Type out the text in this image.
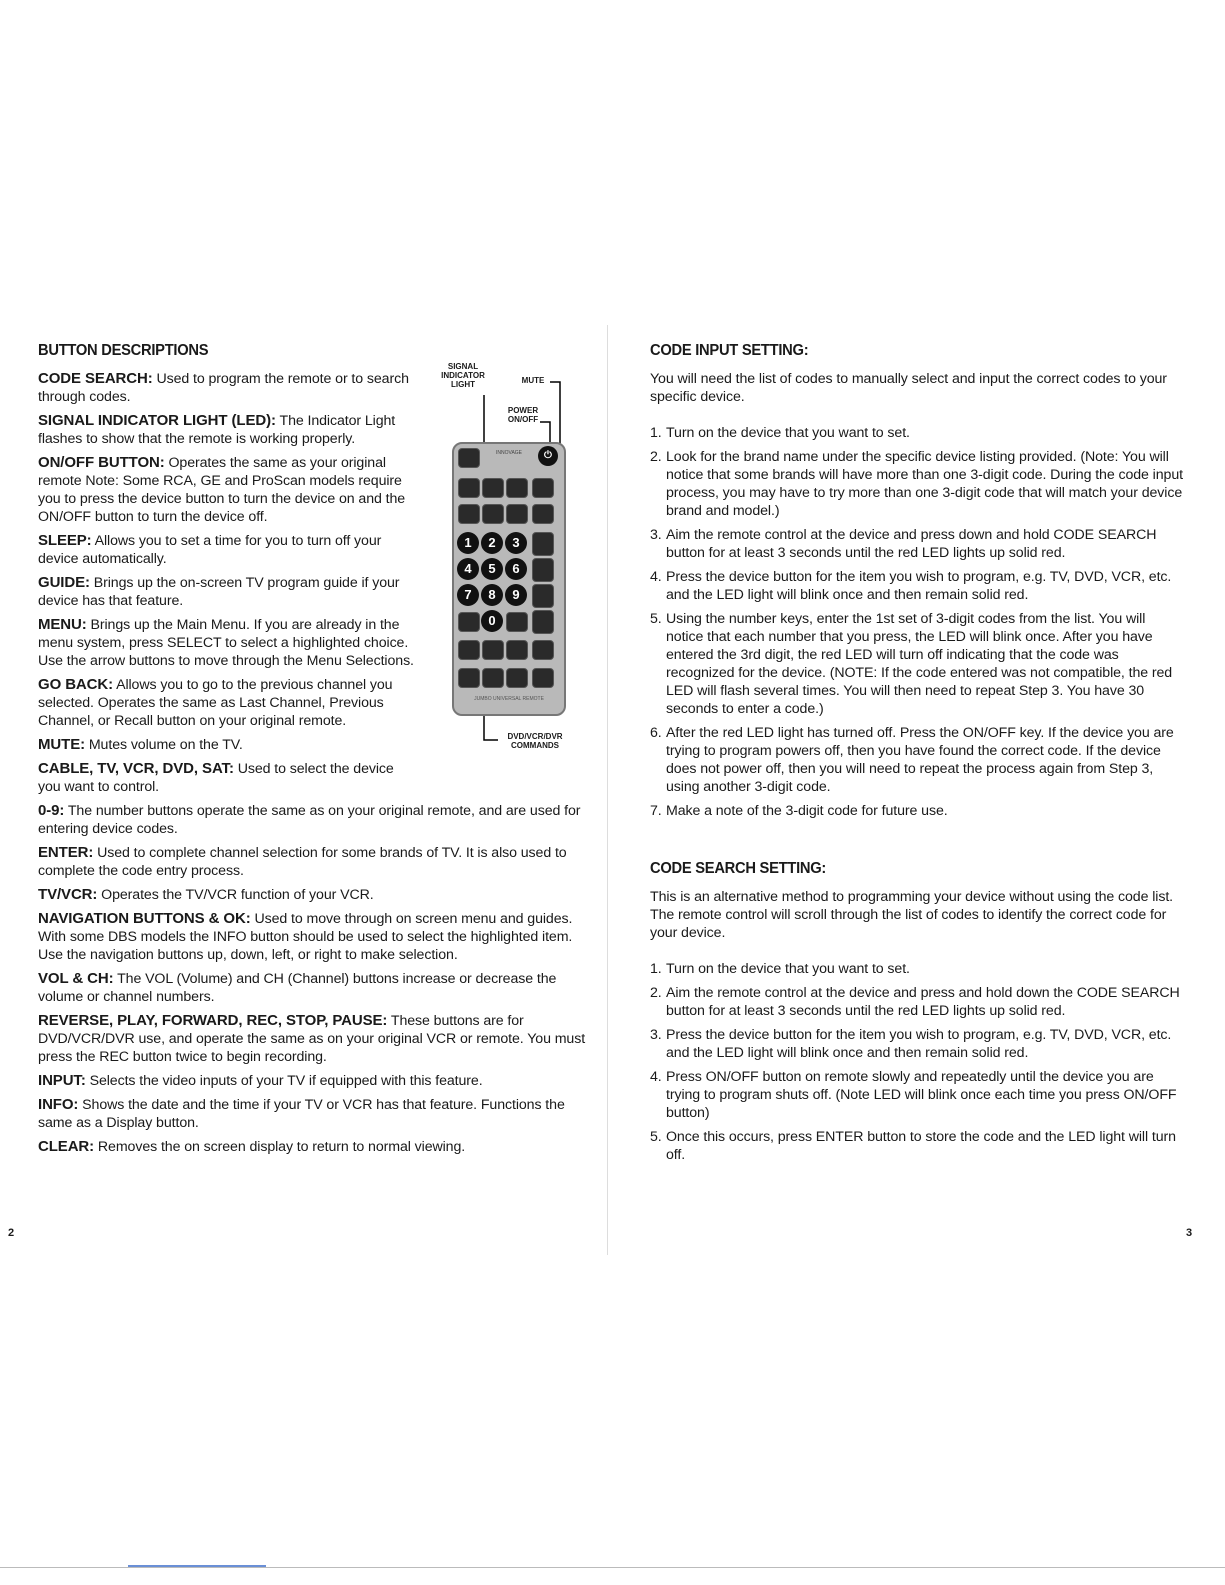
BUTTON DESCRIPTIONS

CODE SEARCH: Used to program the remote or to search through codes.

SIGNAL INDICATOR LIGHT (LED): The Indicator Light flashes to show that the remote is working properly.

ON/OFF BUTTON: Operates the same as your original remote Note: Some RCA, GE and ProScan models require you to press the device button to turn the device on and the ON/OFF button to turn the device off.

SLEEP: Allows you to set a time for you to turn off your device automatically.

GUIDE: Brings up the on-screen TV program guide if your device has that feature.

MENU: Brings up the Main Menu. If you are already in the menu system, press SELECT to select a highlighted choice. Use the arrow buttons to move through the Menu Selections.

GO BACK: Allows you to go to the previous channel you selected. Operates the same as Last Channel, Previous Channel, or Recall button on your original remote.

MUTE: Mutes volume on the TV.

CABLE, TV, VCR, DVD, SAT: Used to select the device you want to control.

0-9: The number buttons operate the same as on your original remote, and are used for entering device codes.

ENTER: Used to complete channel selection for some brands of TV. It is also used to complete the code entry process.

TV/VCR: Operates the TV/VCR function of your VCR.

NAVIGATION BUTTONS & OK: Used to move through on screen menu and guides. With some DBS models the INFO button should be used to select the highlighted item. Use the navigation buttons up, down, left, or right to make selection.

VOL & CH: The VOL (Volume) and CH (Channel) buttons increase or decrease the volume or channel numbers.

REVERSE, PLAY, FORWARD, REC, STOP, PAUSE: These buttons are for DVD/VCR/DVR use, and operate the same as on your original VCR or remote. You must press the REC button twice to begin recording.

INPUT: Selects the video inputs of your TV if equipped with this feature.

INFO: Shows the date and the time if your TV or VCR has that feature. Functions the same as a Display button.

CLEAR: Removes the on screen display to return to normal viewing.

SIGNAL INDICATOR LIGHT	MUTE
POWER ON/OFF
DVD/VCR/DVR COMMANDS
INNOVAGE	⏻
1	2	3
4	5	6
7	8	9
0
JUMBO UNIVERSAL REMOTE
2
CODE INPUT SETTING:

You will need the list of codes to manually select and input the correct codes to your specific device.

1. Turn on the device that you want to set.
2. Look for the brand name under the specific device listing provided. (Note: You will notice that some brands will have more than one 3-digit code. During the code input process, you may have to try more than one 3-digit code that will match your device brand and model.)
3. Aim the remote control at the device and press down and hold CODE SEARCH button for at least 3 seconds until the red LED lights up solid red.
4. Press the device button for the item you wish to program, e.g. TV, DVD, VCR, etc. and the LED light will blink once and then remain solid red.
5. Using the number keys, enter the 1st set of 3-digit codes from the list. You will notice that each number that you press, the LED will blink once. After you have entered the 3rd digit, the red LED will turn off indicating that the code was recognized for the device. (NOTE: If the code entered was not compatible, the red LED will flash several times. You will then need to repeat Step 3. You have 30 seconds to enter a code.)
6. After the red LED light has turned off. Press the ON/OFF key. If the device you are trying to program powers off, then you have found the correct code. If the device does not power off, then you will need to repeat the process again from Step 3, using another 3-digit code.
7. Make a note of the 3-digit code for future use.
CODE SEARCH SETTING:

This is an alternative method to programming your device without using the code list. The remote control will scroll through the list of codes to identify the correct code for your device.

1. Turn on the device that you want to set.
2. Aim the remote control at the device and press and hold down the CODE SEARCH button for at least 3 seconds until the red LED lights up solid red.
3. Press the device button for the item you wish to program, e.g. TV, DVD, VCR, etc. and the LED light will blink once and then remain solid red.
4. Press ON/OFF button on remote slowly and repeatedly until the device you are trying to program shuts off. (Note LED will blink once each time you press ON/OFF button)
5. Once this occurs, press ENTER button to store the code and the LED light will turn off.
3
